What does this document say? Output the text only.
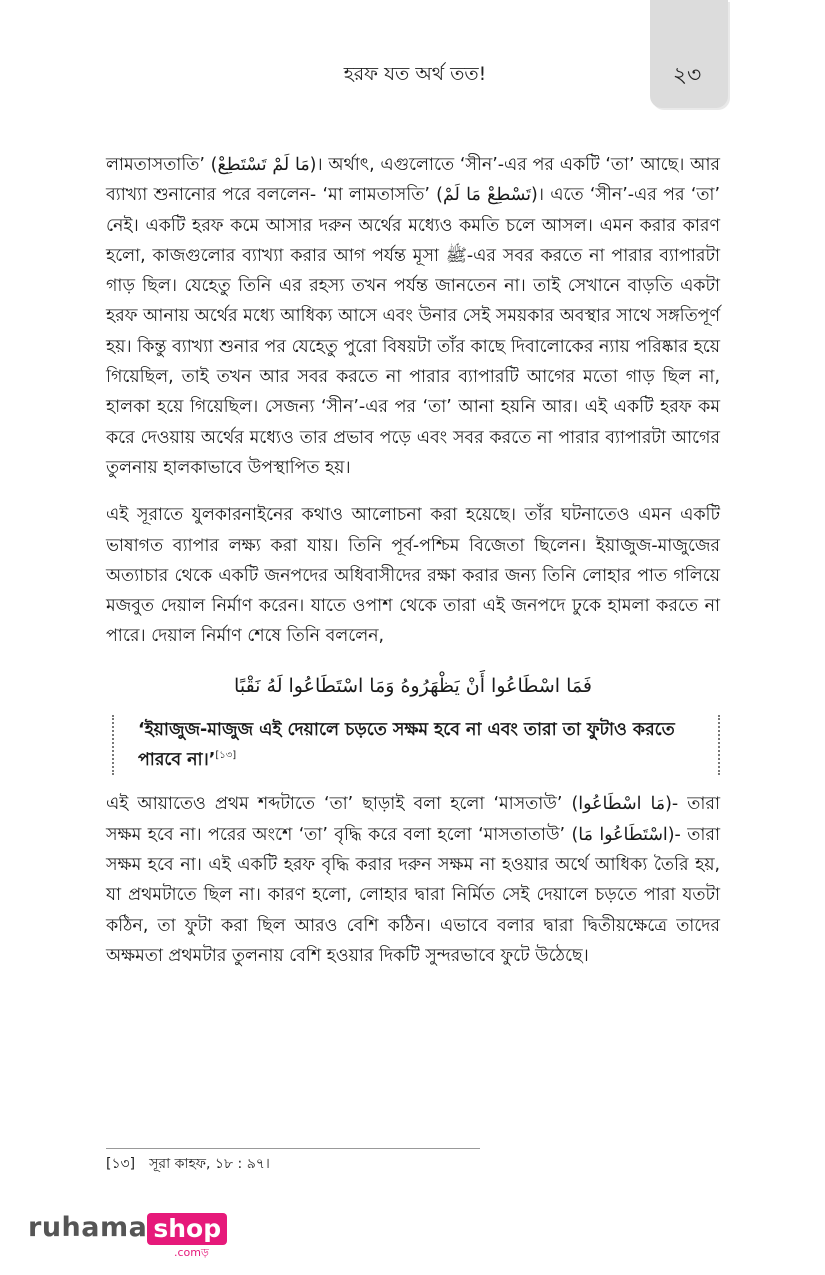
২৩
হরফ যত অর্থ তত!

লামতাসতাতি’ (مَا لَمْ تَسْتَطِعْ)। অর্থাৎ, এগুলোতে ‘সীন’-এর পর একটি ‘তা’ আছে। আর ব্যাখ্যা শুনানোর পরে বললেন- ‘মা লামতাসতি’ (تَسْطِعْ مَا لَمْ)। এতে ‘সীন’-এর পর ‘তা’ নেই। একটি হরফ কমে আসার দরুন অর্থের মধ্যেও কমতি চলে আসল। এমন করার কারণ হলো, কাজগুলোর ব্যাখ্যা করার আগ পর্যন্ত মূসা ﷺ-এর সবর করতে না পারার ব্যাপারটা গাড় ছিল। যেহেতু তিনি এর রহস্য তখন পর্যন্ত জানতেন না। তাই সেখানে বাড়তি একটা হরফ আনায় অর্থের মধ্যে আধিক্য আসে এবং উনার সেই সময়কার অবস্থার সাথে সঙ্গতিপূর্ণ হয়। কিন্তু ব্যাখ্যা শুনার পর যেহেতু পুরো বিষয়টা তাঁর কাছে দিবালোকের ন্যায় পরিষ্কার হয়ে গিয়েছিল, তাই তখন আর সবর করতে না পারার ব্যাপারটি আগের মতো গাড় ছিল না, হালকা হয়ে গিয়েছিল। সেজন্য ‘সীন’-এর পর ‘তা’ আনা হয়নি আর। এই একটি হরফ কম করে দেওয়ায় অর্থের মধ্যেও তার প্রভাব পড়ে এবং সবর করতে না পারার ব্যাপারটা আগের তুলনায় হালকাভাবে উপস্থাপিত হয়।

এই সূরাতে যুলকারনাইনের কথাও আলোচনা করা হয়েছে। তাঁর ঘটনাতেও এমন একটি ভাষাগত ব্যাপার লক্ষ্য করা যায়। তিনি পূর্ব-পশ্চিম বিজেতা ছিলেন। ইয়াজুজ-মাজুজের অত্যাচার থেকে একটি জনপদের অধিবাসীদের রক্ষা করার জন্য তিনি লোহার পাত গলিয়ে মজবুত দেয়াল নির্মাণ করেন। যাতে ওপাশ থেকে তারা এই জনপদে ঢুকে হামলা করতে না পারে। দেয়াল নির্মাণ শেষে তিনি বললেন,

فَمَا اسْطَاعُوا أَنْ يَظْهَرُوهُ وَمَا اسْتَطَاعُوا لَهُ نَقْبًا
‘ইয়াজুজ-মাজুজ এই দেয়ালে চড়তে সক্ষম হবে না এবং তারা তা ফুটাও করতে পারবে না।’[১৩]

এই আয়াতেও প্রথম শব্দটাতে ‘তা’ ছাড়াই বলা হলো ‘মাসতাউ’ (مَا اسْطَاعُوا)- তারা সক্ষম হবে না। পরের অংশে ‘তা’ বৃদ্ধি করে বলা হলো ‘মাসতাতাউ’ (اسْتَطَاعُوا مَا)- তারা সক্ষম হবে না। এই একটি হরফ বৃদ্ধি করার দরুন সক্ষম না হওয়ার অর্থে আধিক্য তৈরি হয়, যা প্রথমটাতে ছিল না। কারণ হলো, লোহার দ্বারা নির্মিত সেই দেয়ালে চড়তে পারা যতটা কঠিন, তা ফুটা করা ছিল আরও বেশি কঠিন। এভাবে বলার দ্বারা দ্বিতীয়ক্ষেত্রে তাদের অক্ষমতা প্রথমটার তুলনায় বেশি হওয়ার দিকটি সুন্দরভাবে ফুটে উঠেছে।

[১৩] সূরা কাহফ, ১৮ : ৯৭।
ruhama shop
.comড়
